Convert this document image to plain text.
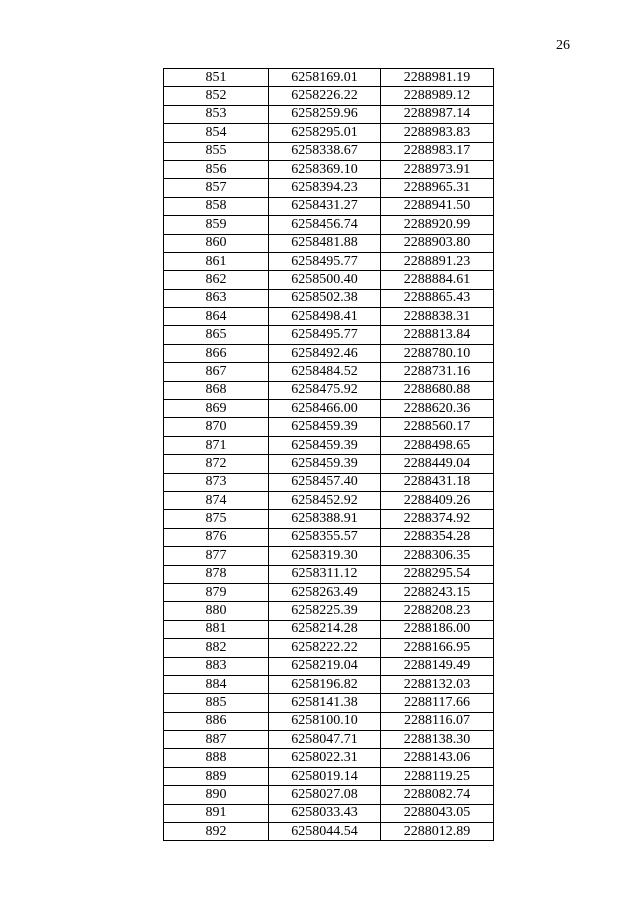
26
851	6258169.01	2288981.19
852	6258226.22	2288989.12
853	6258259.96	2288987.14
854	6258295.01	2288983.83
855	6258338.67	2288983.17
856	6258369.10	2288973.91
857	6258394.23	2288965.31
858	6258431.27	2288941.50
859	6258456.74	2288920.99
860	6258481.88	2288903.80
861	6258495.77	2288891.23
862	6258500.40	2288884.61
863	6258502.38	2288865.43
864	6258498.41	2288838.31
865	6258495.77	2288813.84
866	6258492.46	2288780.10
867	6258484.52	2288731.16
868	6258475.92	2288680.88
869	6258466.00	2288620.36
870	6258459.39	2288560.17
871	6258459.39	2288498.65
872	6258459.39	2288449.04
873	6258457.40	2288431.18
874	6258452.92	2288409.26
875	6258388.91	2288374.92
876	6258355.57	2288354.28
877	6258319.30	2288306.35
878	6258311.12	2288295.54
879	6258263.49	2288243.15
880	6258225.39	2288208.23
881	6258214.28	2288186.00
882	6258222.22	2288166.95
883	6258219.04	2288149.49
884	6258196.82	2288132.03
885	6258141.38	2288117.66
886	6258100.10	2288116.07
887	6258047.71	2288138.30
888	6258022.31	2288143.06
889	6258019.14	2288119.25
890	6258027.08	2288082.74
891	6258033.43	2288043.05
892	6258044.54	2288012.89
